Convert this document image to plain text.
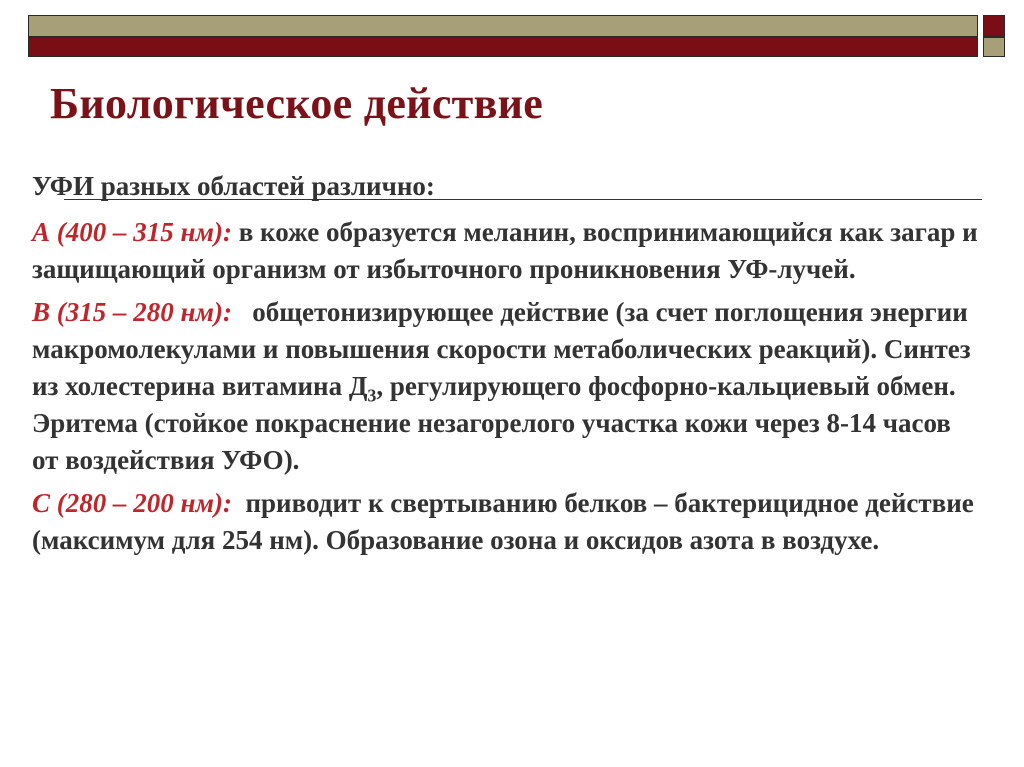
Биологическое действие
УФИ разных областей различно:

А (400 – 315 нм): в коже образуется меланин, воспринимающийся как загар и защищающий организм от избыточного проникновения УФ-лучей.

В (315 – 280 нм):   общетонизирующее действие (за счет поглощения энергии макромолекулами и повышения скорости метаболических реакций). Синтез из холестерина витамина $Д_3$, регулирующего фосфорно-кальциевый обмен. Эритема (стойкое покраснение незагорелого участка кожи через 8-14 часов от воздействия УФО).

С (280 – 200 нм):  приводит к свертыванию белков – бактерицидное действие (максимум для 254 нм). Образование озона и оксидов азота в воздухе.
